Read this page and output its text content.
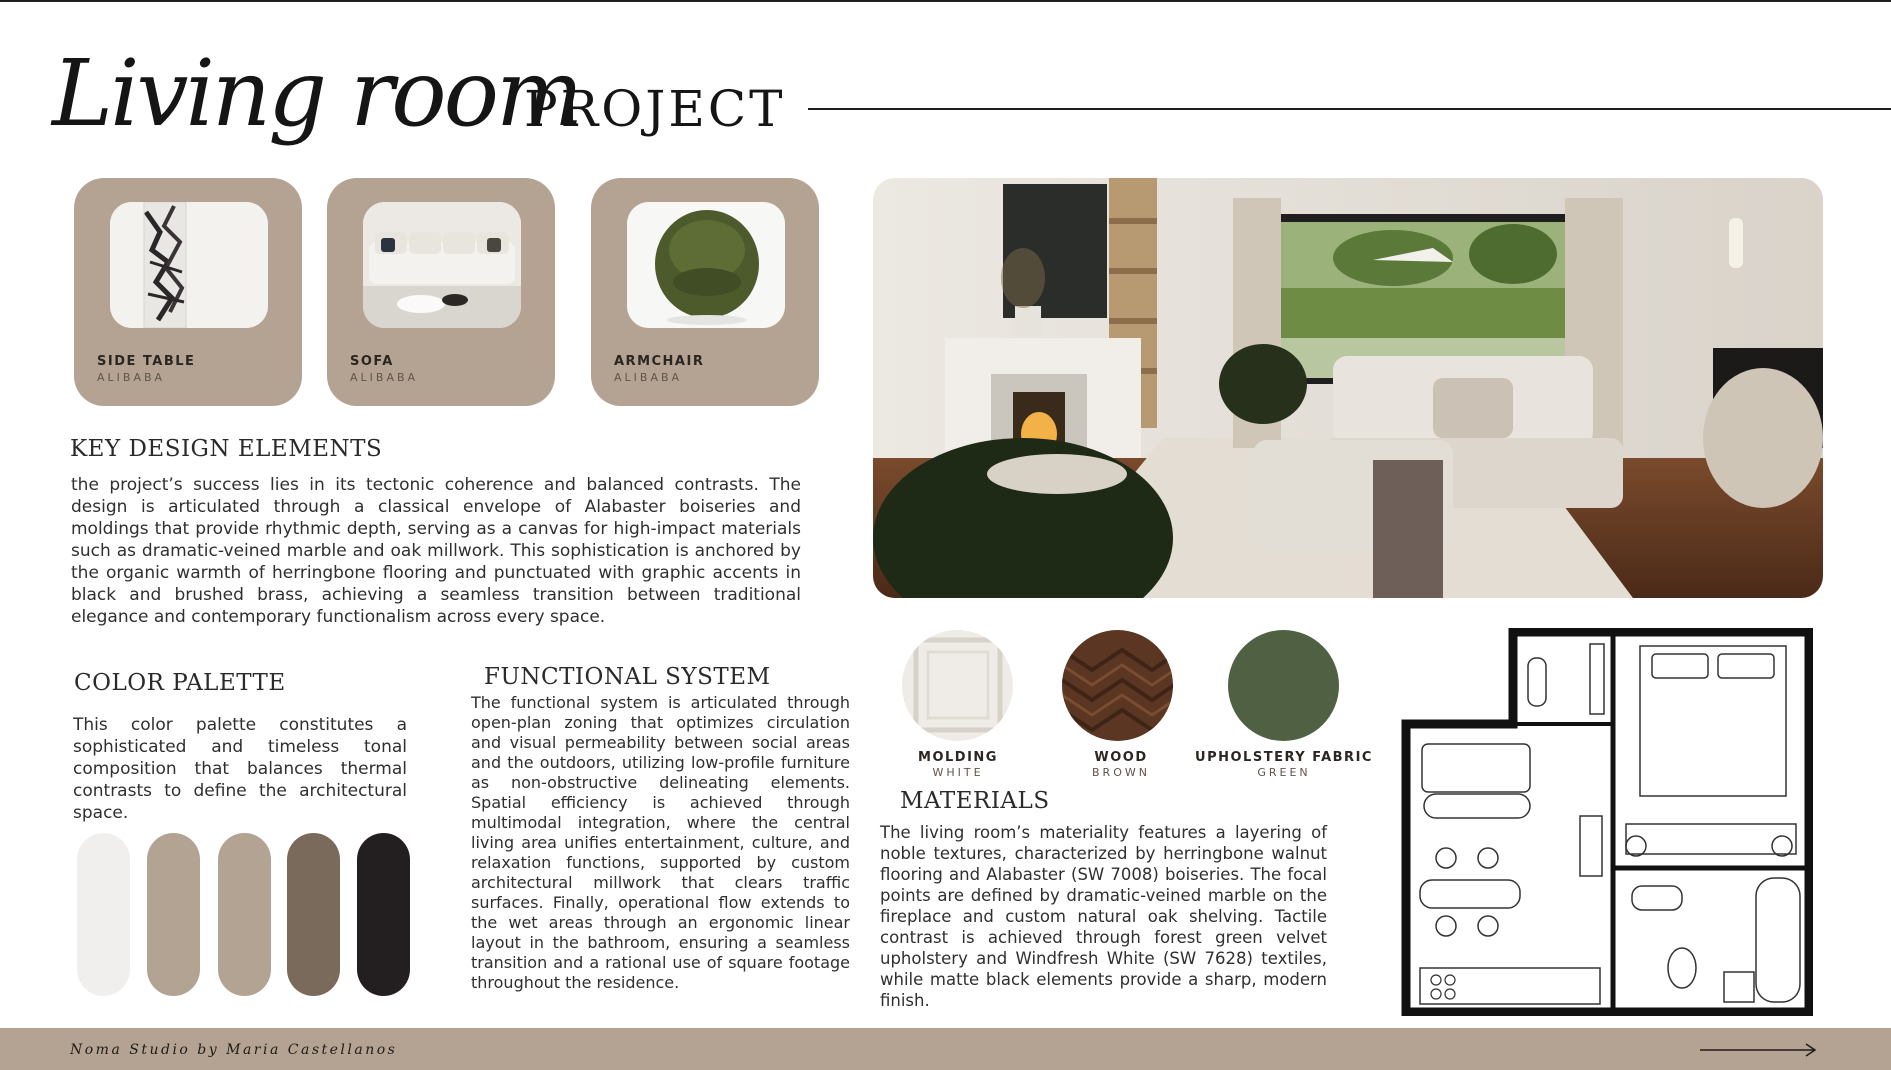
Living room
PROJECT
SIDE TABLE
ALIBABA
SOFA
ALIBABA
ARMCHAIR
ALIBABA
KEY DESIGN ELEMENTS
the project’s success lies in its tectonic coherence and balanced contrasts. The design is articulated through a classical envelope of Alabaster boiseries and moldings that provide rhythmic depth, serving as a canvas for high-impact materials such as dramatic-veined marble and oak millwork. This sophistication is anchored by the organic warmth of herringbone flooring and punctuated with graphic accents in black and brushed brass, achieving a seamless transition between traditional elegance and contemporary functionalism across every space.
COLOR PALETTE
This color palette constitutes a sophisticated and timeless tonal composition that balances thermal contrasts to define the architectural space.
FUNCTIONAL SYSTEM
The functional system is articulated through open-plan zoning that optimizes circulation and visual permeability between social areas and the outdoors, utilizing low-profile furniture as non-obstructive delineating elements. Spatial efficiency is achieved through multimodal integration, where the central living area unifies entertainment, culture, and relaxation functions, supported by custom architectural millwork that clears traffic surfaces. Finally, operational flow extends to the wet areas through an ergonomic linear layout in the bathroom, ensuring a seamless transition and a rational use of square footage throughout the residence.
MOLDING
WHITE
WOOD
BROWN
UPHOLSTERY FABRIC
GREEN
MATERIALS
The living room’s materiality features a layering of noble textures, characterized by herringbone walnut flooring and Alabaster (SW 7008) boiseries. The focal points are defined by dramatic-veined marble on the fireplace and custom natural oak shelving. Tactile contrast is achieved through forest green velvet upholstery and Windfresh White (SW 7628) textiles, while matte black elements provide a sharp, modern finish.
Noma Studio by Maria Castellanos
